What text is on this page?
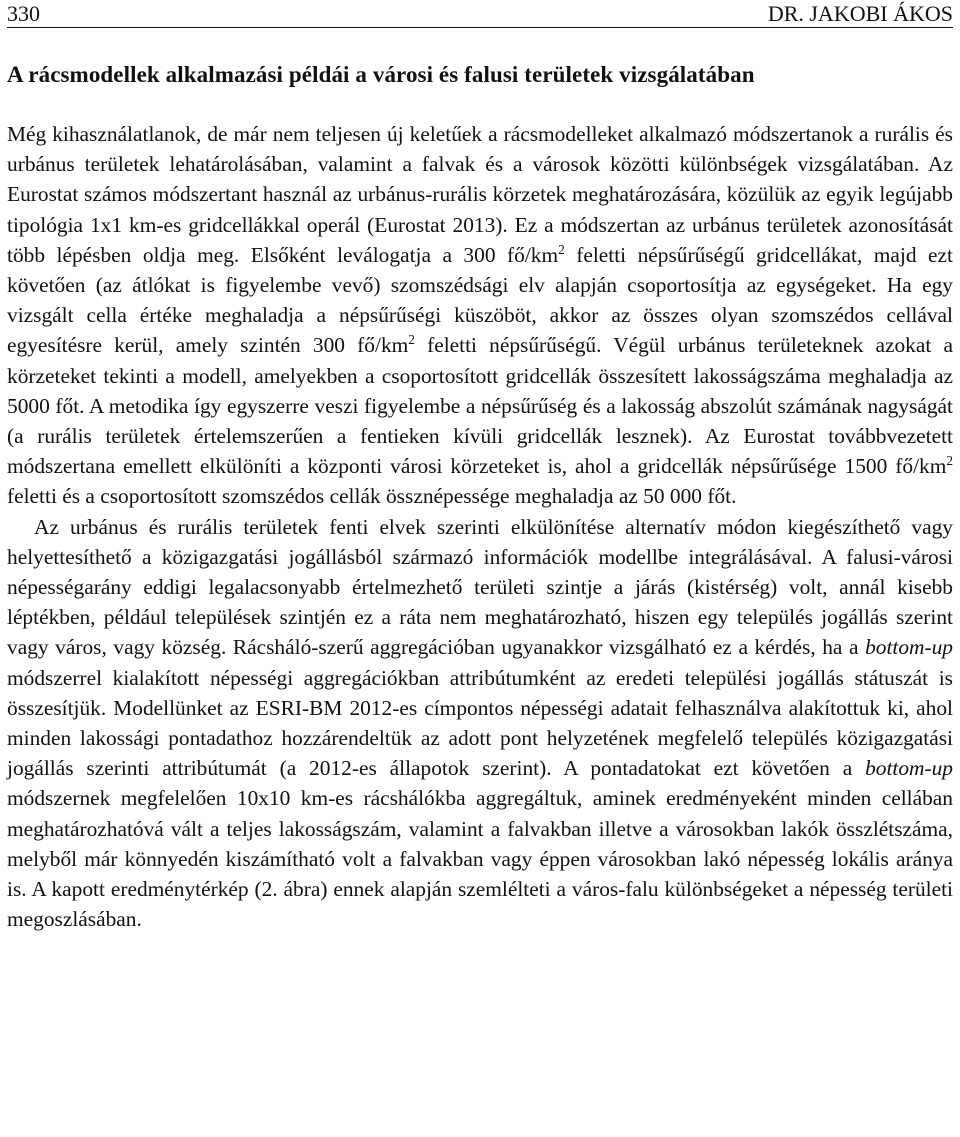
330	DR. JAKOBI ÁKOS
A rácsmodellek alkalmazási példái a városi és falusi területek vizsgálatában

Még kihasználatlanok, de már nem teljesen új keletűek a rácsmodelleket alkalmazó módszertanok a rurális és urbánus területek lehatárolásában, valamint a falvak és a városok közötti különbségek vizsgálatában. Az Eurostat számos módszertant használ az urbánus-rurális körzetek meghatározására, közülük az egyik legújabb tipológia 1x1 km-es gridcellákkal operál (Eurostat 2013). Ez a módszertan az urbánus területek azonosítását több lépésben oldja meg. Elsőként leválogatja a 300 $fő/km^2$ feletti népsűrűségű gridcellákat, majd ezt követően (az átlókat is figyelembe vevő) szomszédsági elv alapján csoportosítja az egységeket. Ha egy vizsgált cella értéke meghaladja a népsűrűségi küszöböt, akkor az összes olyan szomszédos cellával egyesítésre kerül, amely szintén 300 $fő/km^2$ feletti népsűrűségű. Végül urbánus területeknek azokat a körzeteket tekinti a modell, amelyekben a csoportosított gridcellák összesített lakosságszáma meghaladja az 5000 főt. A metodika így egyszerre veszi figyelembe a népsűrűség és a lakosság abszolút számának nagyságát (a rurális területek értelemszerűen a fentieken kívüli gridcellák lesznek). Az Eurostat továbbvezetett módszertana emellett elkülöníti a központi városi körzeteket is, ahol a gridcellák népsűrűsége 1500 $fő/km^2$ feletti és a csoportosított szomszédos cellák össznépessége meghaladja az 50 000 főt.

Az urbánus és rurális területek fenti elvek szerinti elkülönítése alternatív módon kiegészíthető vagy helyettesíthető a közigazgatási jogállásból származó információk modellbe integrálásával. A falusi-városi népességarány eddigi legalacsonyabb értelmezhető területi szintje a járás (kistérség) volt, annál kisebb léptékben, például települések szintjén ez a ráta nem meghatározható, hiszen egy település jogállás szerint vagy város, vagy község. Rácsháló-szerű aggregációban ugyanakkor vizsgálható ez a kérdés, ha a bottom-up módszerrel kialakított népességi aggregációkban attribútumként az eredeti települési jogállás státuszát is összesítjük. Modellünket az ESRI-BM 2012-es címpontos népességi adatait felhasználva alakítottuk ki, ahol minden lakossági pontadathoz hozzárendeltük az adott pont helyzetének megfelelő település közigazgatási jogállás szerinti attribútumát (a 2012-es állapotok szerint). A pontadatokat ezt követően a bottom-up módszernek megfelelően 10x10 km-es rácshálókba aggregáltuk, aminek eredményeként minden cellában meghatározhatóvá vált a teljes lakosságszám, valamint a falvakban illetve a városokban lakók összlétszáma, melyből már könnyedén kiszámítható volt a falvakban vagy éppen városokban lakó népesség lokális aránya is. A kapott eredménytérkép (2. ábra) ennek alapján szemlélteti a város-falu különbségeket a népesség területi megoszlásában.
